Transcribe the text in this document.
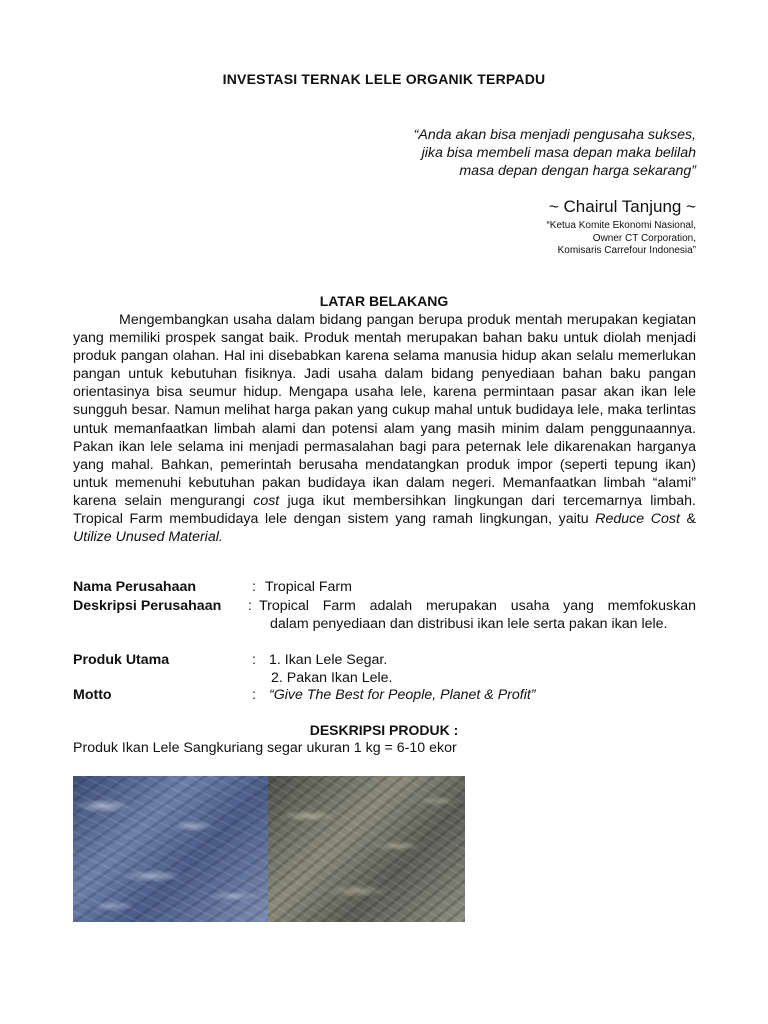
INVESTASI TERNAK LELE ORGANIK TERPADU
“Anda akan bisa menjadi pengusaha sukses,
jika bisa membeli masa depan maka belilah
masa depan dengan harga sekarang”
~ Chairul Tanjung ~
“Ketua Komite Ekonomi Nasional,
Owner CT Corporation,
Komisaris Carrefour Indonesia”
LATAR BELAKANG

Mengembangkan usaha dalam bidang pangan berupa produk mentah merupakan kegiatan yang memiliki prospek sangat baik. Produk mentah merupakan bahan baku untuk diolah menjadi produk pangan olahan. Hal ini disebabkan karena selama manusia hidup akan selalu memerlukan pangan untuk kebutuhan fisiknya. Jadi usaha dalam bidang penyediaan bahan baku pangan orientasinya bisa seumur hidup. Mengapa usaha lele, karena permintaan pasar akan ikan lele sungguh besar. Namun melihat harga pakan yang cukup mahal untuk budidaya lele, maka terlintas untuk memanfaatkan limbah alami dan potensi alam yang masih minim dalam penggunaannya. Pakan ikan lele selama ini menjadi permasalahan bagi para peternak lele dikarenakan harganya yang mahal. Bahkan, pemerintah berusaha mendatangkan produk impor (seperti tepung ikan) untuk memenuhi kebutuhan pakan budidaya ikan dalam negeri. Memanfaatkan limbah “alami” karena selain mengurangi cost juga ikut membersihkan lingkungan dari tercemarnya limbah. Tropical Farm membudidaya lele dengan sistem yang ramah lingkungan, yaitu Reduce Cost & Utilize Unused Material.

Nama Perusahaan	: Tropical Farm
Deskripsi Perusahaan : Tropical Farm adalah merupakan usaha yang memfokuskan
dalam penyediaan dan distribusi ikan lele serta pakan ikan lele.
Produk Utama	: 1. Ikan Lele Segar.
2. Pakan Ikan Lele.
Motto	: “Give The Best for People, Planet & Profit”
DESKRIPSI PRODUK :
Produk Ikan Lele Sangkuriang segar ukuran 1 kg = 6-10 ekor
